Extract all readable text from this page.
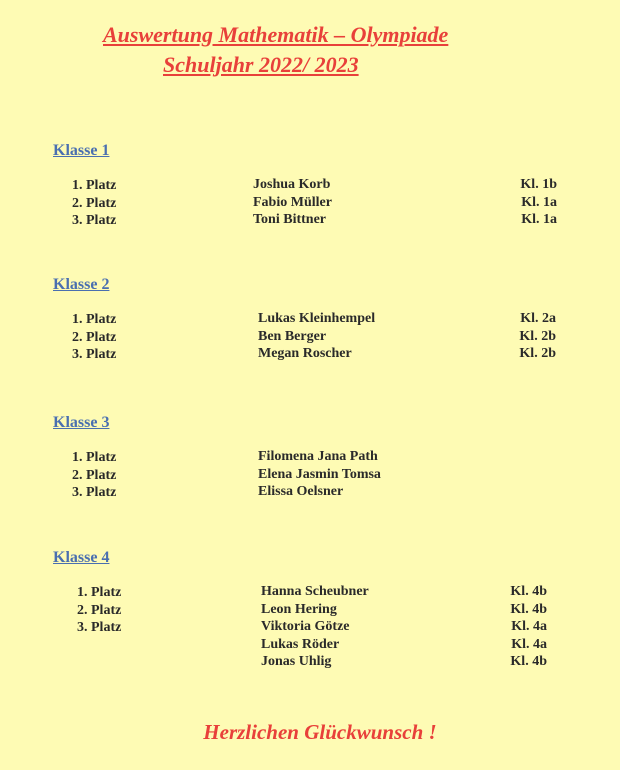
Auswertung Mathematik – Olympiade
Schuljahr 2022/ 2023
Klasse 1
1. Platz
2. Platz
3. Platz
Joshua Korb
Fabio Müller
Toni Bittner
Kl. 1b
Kl. 1a
Kl. 1a
Klasse 2
1. Platz
2. Platz
3. Platz
Lukas Kleinhempel
Ben Berger
Megan Roscher
Kl. 2a
Kl. 2b
Kl. 2b
Klasse 3
1. Platz
2. Platz
3. Platz
Filomena Jana Path
Elena Jasmin Tomsa
Elissa Oelsner
Klasse 4
1. Platz
2. Platz
3. Platz
Hanna Scheubner
Leon Hering
Viktoria Götze
Lukas Röder
Jonas Uhlig
Kl. 4b
Kl. 4b
Kl. 4a
Kl. 4a
Kl. 4b
Herzlichen Glückwunsch !
